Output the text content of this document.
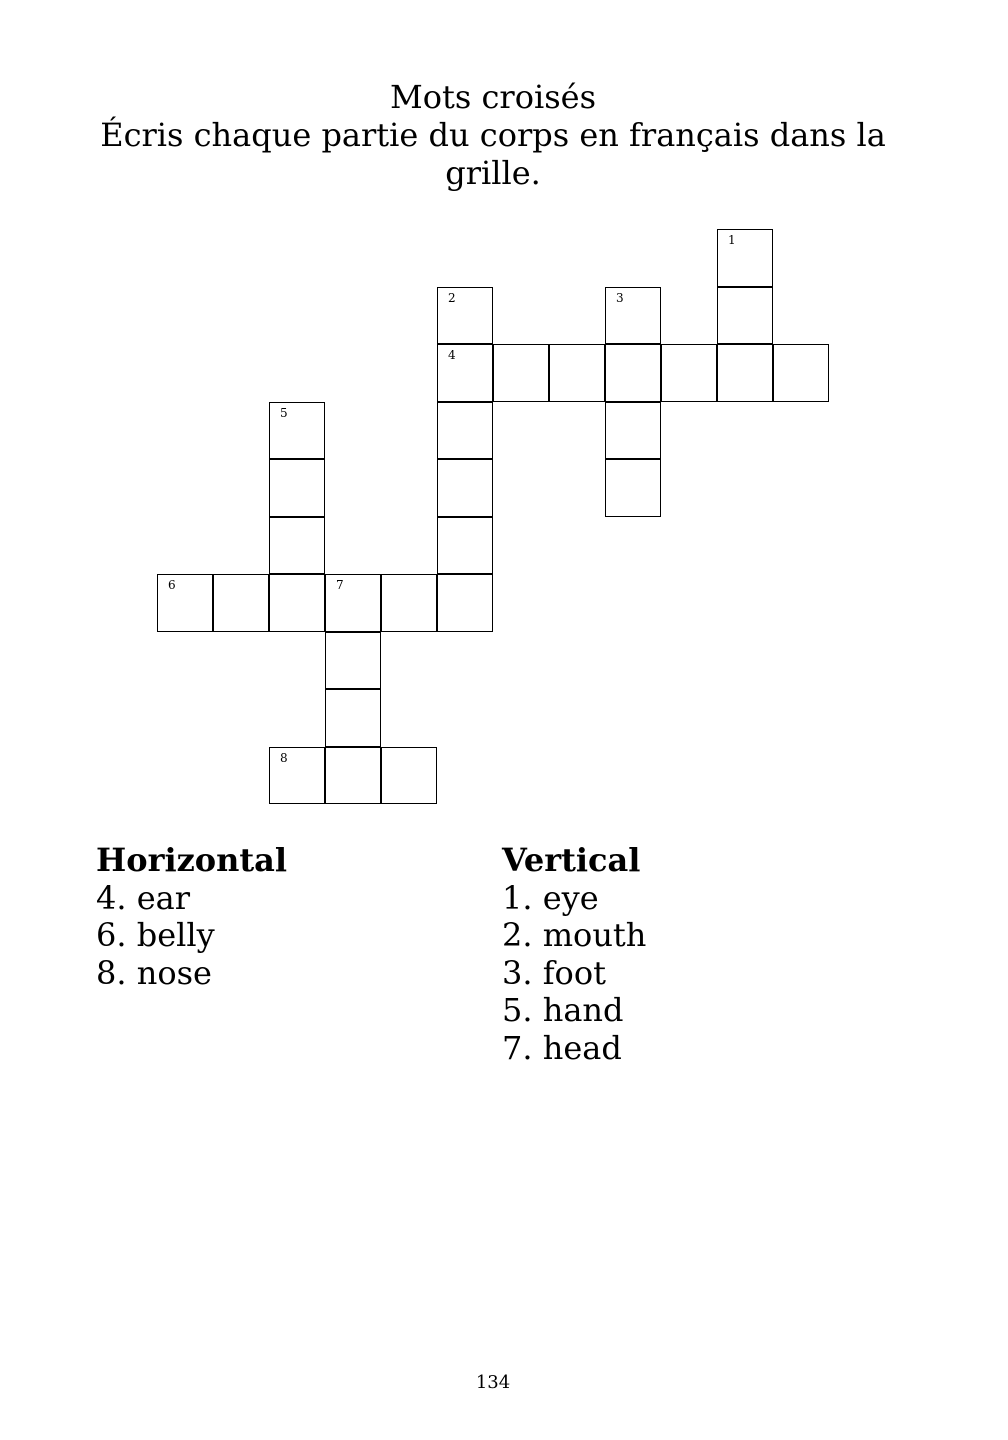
Mots croisés
Écris chaque partie du corps en français dans la grille.
1
2	3
4
5
6	7
8
Horizontal
4. ear
6. belly
8. nose
Vertical
1. eye
2. mouth
3. foot
5. hand
7. head
134
